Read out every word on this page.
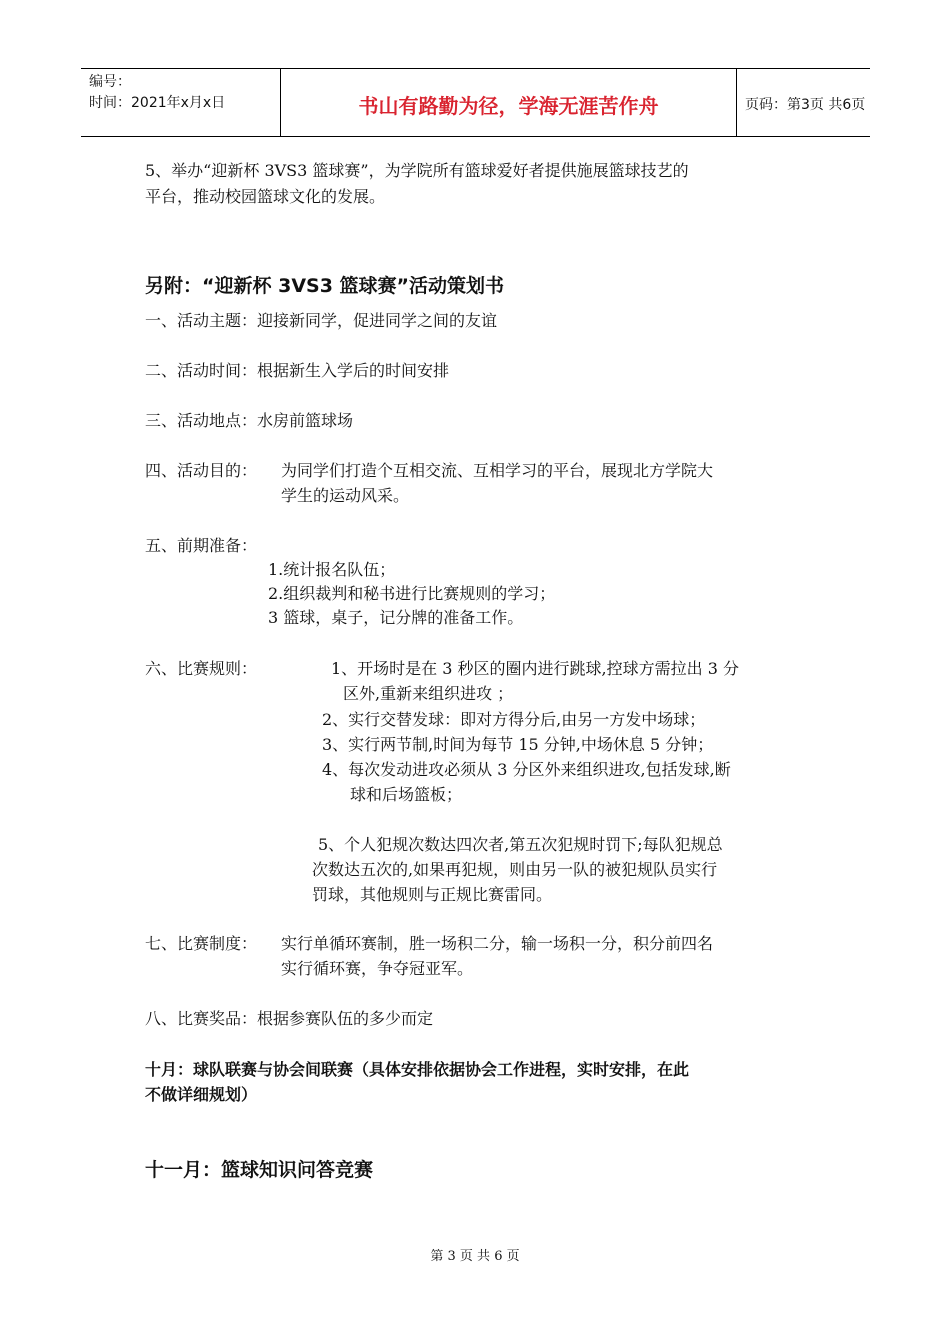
编号：
时间：2021年x月x日	书山有路勤为径，学海无涯苦作舟	页码：第3页 共6页
5、举办“迎新杯 3VS3 篮球赛”，为学院所有篮球爱好者提供施展篮球技艺的
平台，推动校园篮球文化的发展。
另附：“迎新杯 3VS3 篮球赛”活动策划书
一、活动主题：迎接新同学，促进同学之间的友谊
二、活动时间：根据新生入学后的时间安排
三、活动地点：水房前篮球场
四、活动目的： 为同学们打造个互相交流、互相学习的平台，展现北方学院大
学生的运动风采。
五、前期准备：
1.统计报名队伍；
2.组织裁判和秘书进行比赛规则的学习；
3 篮球，桌子，记分牌的准备工作。
六、比赛规则：	1、开场时是在 3 秒区的圈内进行跳球,控球方需拉出 3 分
区外,重新来组织进攻 ；
2、实行交替发球：即对方得分后,由另一方发中场球；
3、实行两节制,时间为每节 15 分钟,中场休息 5 分钟；
4、每次发动进攻必须从 3 分区外来组织进攻,包括发球,断
球和后场篮板；
5、个人犯规次数达四次者,第五次犯规时罚下;每队犯规总
次数达五次的,如果再犯规，则由另一队的被犯规队员实行
罚球，其他规则与正规比赛雷同。
七、比赛制度： 实行单循环赛制，胜一场积二分，输一场积一分，积分前四名
实行循环赛，争夺冠亚军。
八、比赛奖品：根据参赛队伍的多少而定
十月：球队联赛与协会间联赛（具体安排依据协会工作进程，实时安排，在此
不做详细规划）
十一月：篮球知识问答竞赛
第 3 页 共 6 页
